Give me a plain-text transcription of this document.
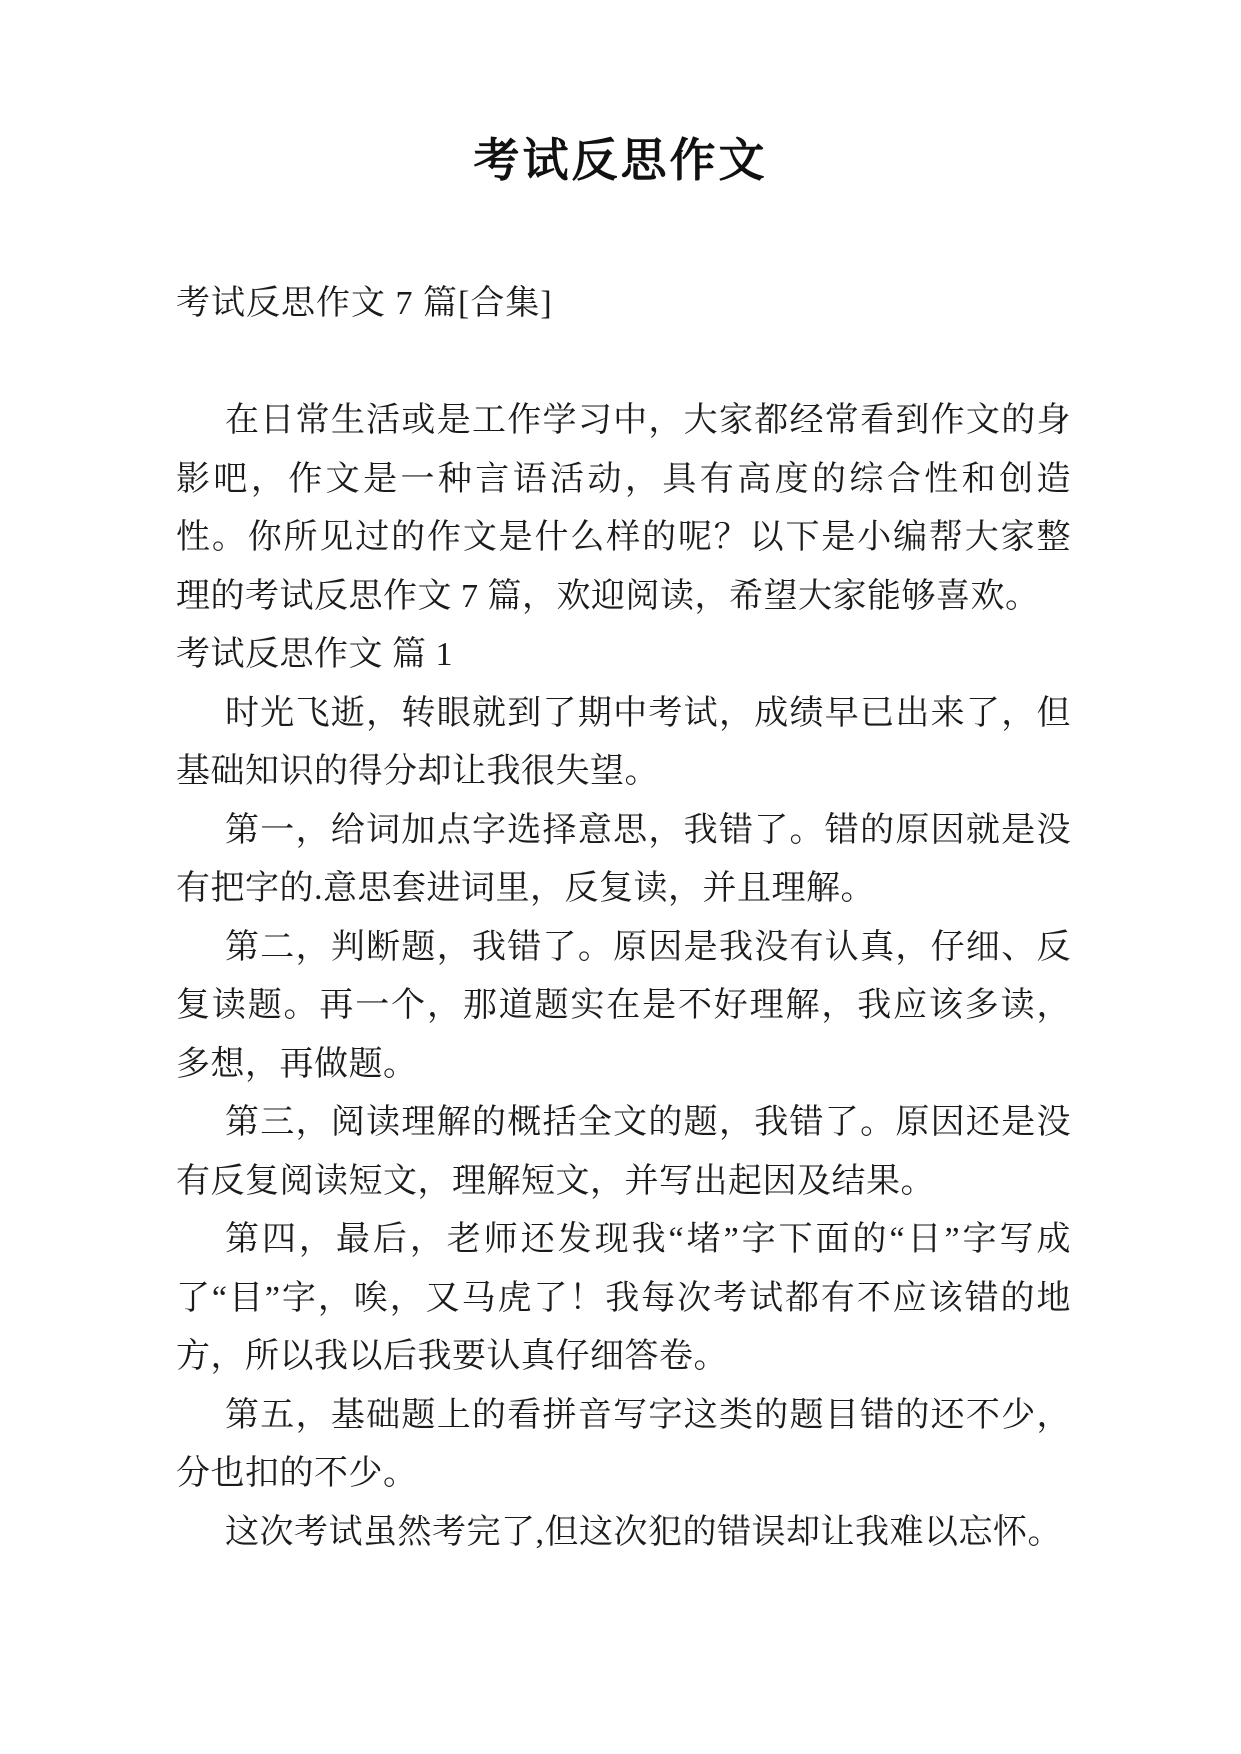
考试反思作文
考试反思作文 7 篇[合集]

在日常生活或是工作学习中，大家都经常看到作文的身影吧，作文是一种言语活动，具有高度的综合性和创造性。你所见过的作文是什么样的呢？以下是小编帮大家整理的考试反思作文 7 篇，欢迎阅读，希望大家能够喜欢。

考试反思作文 篇 1

时光飞逝，转眼就到了期中考试，成绩早已出来了，但基础知识的得分却让我很失望。

第一，给词加点字选择意思，我错了。错的原因就是没有把字的.意思套进词里，反复读，并且理解。

第二，判断题，我错了。原因是我没有认真，仔细、反复读题。再一个，那道题实在是不好理解，我应该多读，多想，再做题。

第三，阅读理解的概括全文的题，我错了。原因还是没有反复阅读短文，理解短文，并写出起因及结果。

第四，最后，老师还发现我“堵”字下面的“日”字写成了“目”字，唉，又马虎了！我每次考试都有不应该错的地方，所以我以后我要认真仔细答卷。

第五，基础题上的看拼音写字这类的题目错的还不少，分也扣的不少。

这次考试虽然考完了,但这次犯的错误却让我难以忘怀。
